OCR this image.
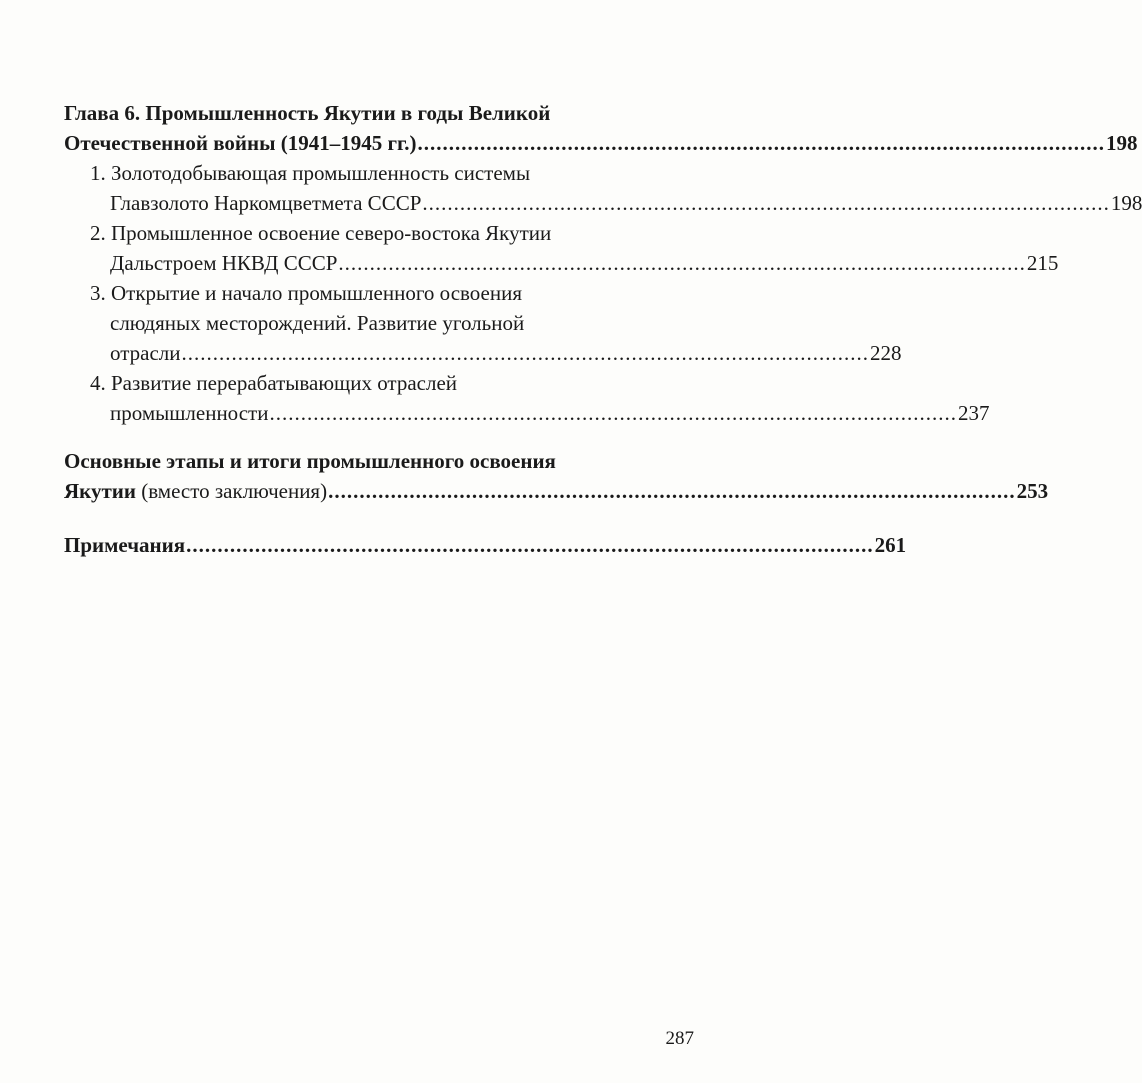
Глава 6. Промышленность Якутии в годы Великой
Отечественной войны (1941–1945 гг.) .............................................................................................................. 198
1. Золотодобывающая промышленность системы
Главзолото Наркомцветмета СССР .............................................................................................................. 198
2. Промышленное освоение северо-востока Якутии
Дальстроем НКВД СССР .............................................................................................................. 215
3. Открытие и начало промышленного освоения
слюдяных месторождений. Развитие угольной
отрасли .............................................................................................................. 228
4. Развитие перерабатывающих отраслей
промышленности .............................................................................................................. 237
Основные этапы и итоги промышленного освоения
Якутии (вместо заключения) .............................................................................................................. 253
Примечания .............................................................................................................. 261
287
